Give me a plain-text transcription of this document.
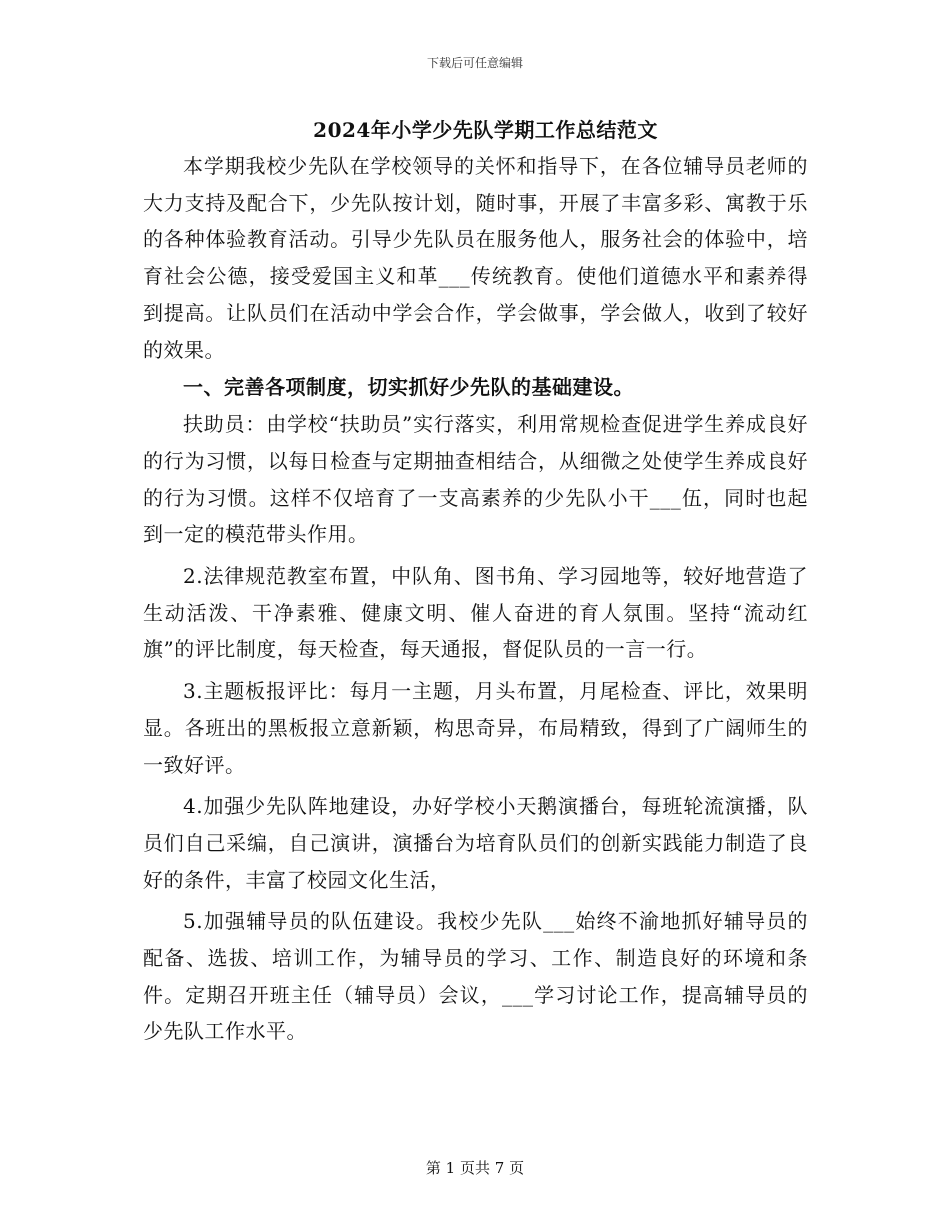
下载后可任意编辑
2024年小学少先队学期工作总结范文

本学期我校少先队在学校领导的关怀和指导下，在各位辅导员老师的大力支持及配合下，少先队按计划，随时事，开展了丰富多彩、寓教于乐的各种体验教育活动。引导少先队员在服务他人，服务社会的体验中，培育社会公德，接受爱国主义和革___传统教育。使他们道德水平和素养得到提高。让队员们在活动中学会合作，学会做事，学会做人，收到了较好的效果。

一、完善各项制度，切实抓好少先队的基础建设。

扶助员：由学校“扶助员”实行落实，利用常规检查促进学生养成良好的行为习惯，以每日检查与定期抽查相结合，从细微之处使学生养成良好的行为习惯。这样不仅培育了一支高素养的少先队小干___伍，同时也起到一定的模范带头作用。

2.法律规范教室布置，中队角、图书角、学习园地等，较好地营造了生动活泼、干净素雅、健康文明、催人奋进的育人氛围。坚持“流动红旗”的评比制度，每天检查，每天通报，督促队员的一言一行。

3.主题板报评比：每月一主题，月头布置，月尾检查、评比，效果明显。各班出的黑板报立意新颖，构思奇异，布局精致，得到了广阔师生的一致好评。

4.加强少先队阵地建设，办好学校小天鹅演播台，每班轮流演播，队员们自己采编，自己演讲，演播台为培育队员们的创新实践能力制造了良好的条件，丰富了校园文化生活，

5.加强辅导员的队伍建设。我校少先队___始终不渝地抓好辅导员的配备、选拔、培训工作，为辅导员的学习、工作、制造良好的环境和条件。定期召开班主任（辅导员）会议，___学习讨论工作，提高辅导员的少先队工作水平。

第 1 页共 7 页
